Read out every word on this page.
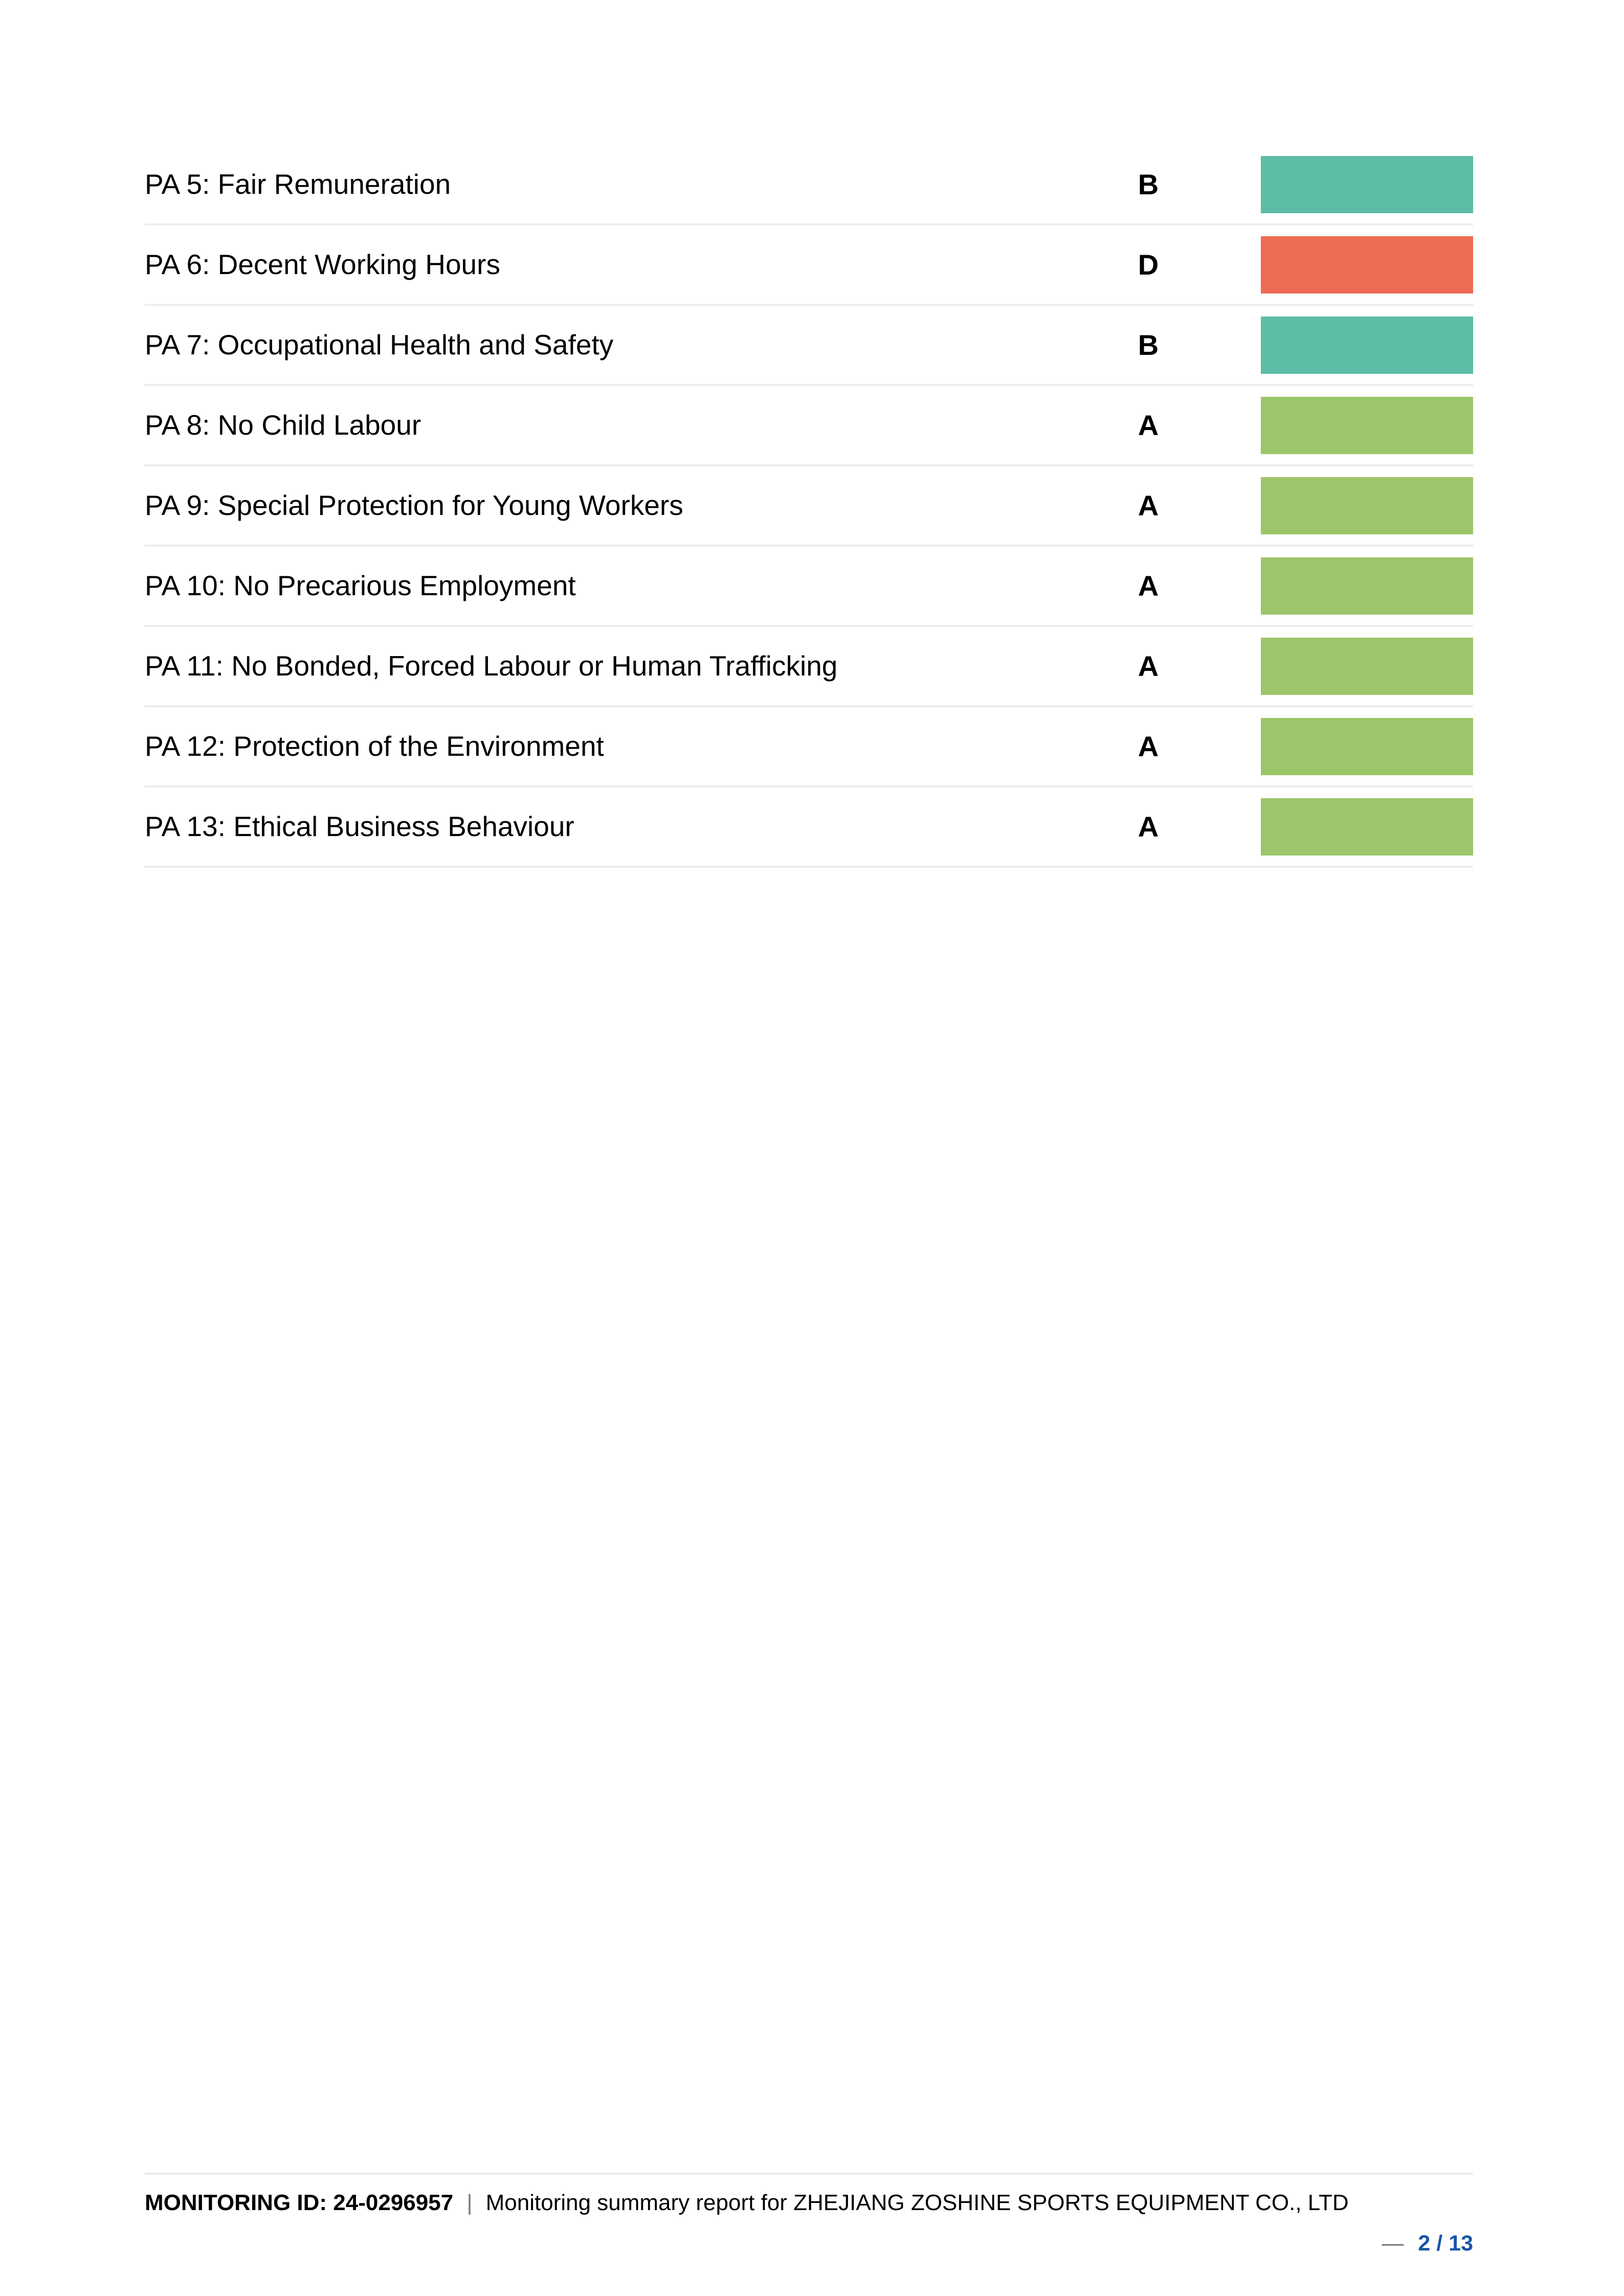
PA 5: Fair Remuneration	B
PA 6: Decent Working Hours	D
PA 7: Occupational Health and Safety	B
PA 8: No Child Labour	A
PA 9: Special Protection for Young Workers	A
PA 10: No Precarious Employment	A
PA 11: No Bonded, Forced Labour or Human Trafficking	A
PA 12: Protection of the Environment	A
PA 13: Ethical Business Behaviour	A
MONITORING ID: 24-0296957 | Monitoring summary report for ZHEJIANG ZOSHINE SPORTS EQUIPMENT CO., LTD
— 2 / 13
